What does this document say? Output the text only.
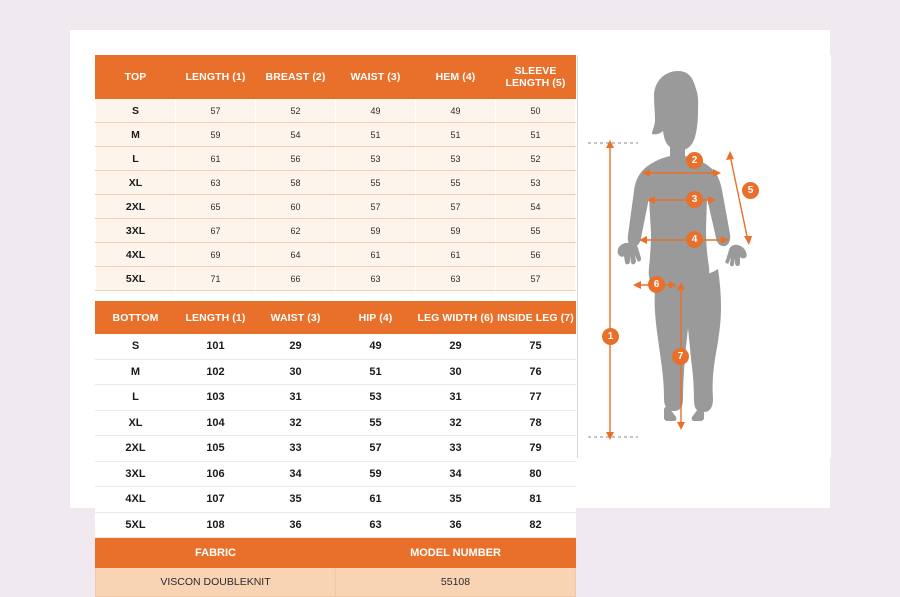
TOP	LENGTH (1)	BREAST (2)	WAIST (3)	HEM (4)	SLEEVE LENGTH (5)
S	57	52	49	49	50
M	59	54	51	51	51
L	61	56	53	53	52
XL	63	58	55	55	53
2XL	65	60	57	57	54
3XL	67	62	59	59	55
4XL	69	64	61	61	56
5XL	71	66	63	63	57
BOTTOM	LENGTH (1)	WAIST (3)	HIP (4)	LEG WIDTH (6)	INSIDE LEG (7)
S	101	29	49	29	75
M	102	30	51	30	76
L	103	31	53	31	77
XL	104	32	55	32	78
2XL	105	33	57	33	79
3XL	106	34	59	34	80
4XL	107	35	61	35	81
5XL	108	36	63	36	82
FABRIC	MODEL NUMBER
VISCON DOUBLEKNIT	55108
1
2
3
4
5
6
7
